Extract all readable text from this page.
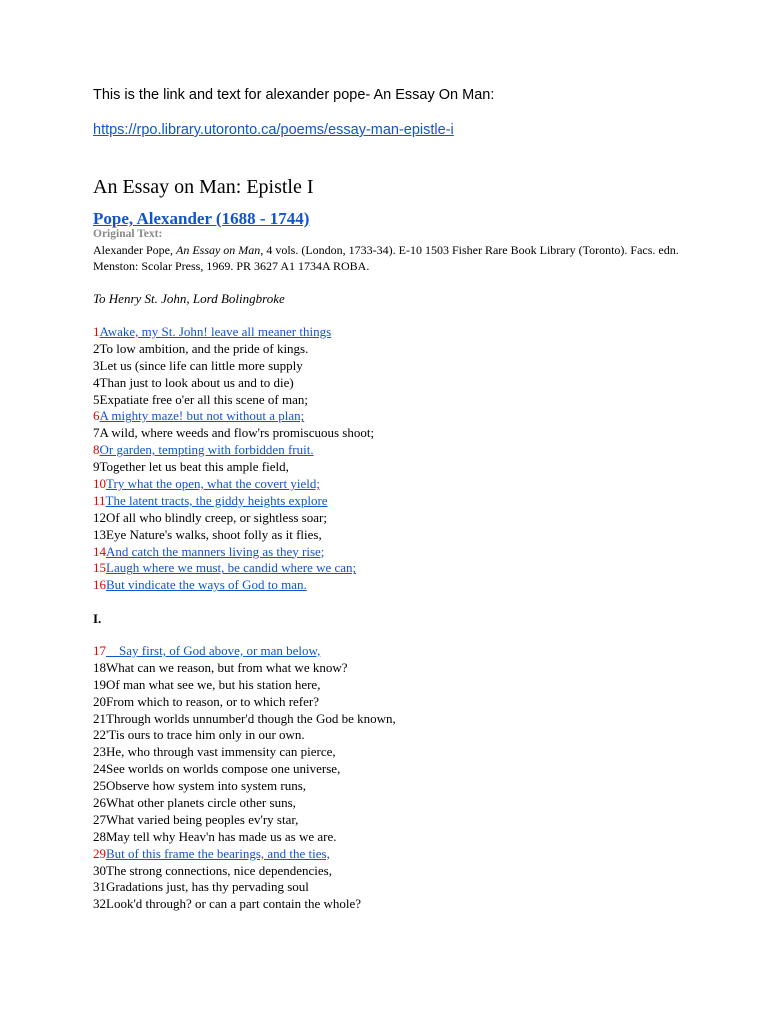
This is the link and text for alexander pope- An Essay On Man:
https://rpo.library.utoronto.ca/poems/essay-man-epistle-i
An Essay on Man: Epistle I
Pope, Alexander (1688 - 1744)
Original Text:
Alexander Pope, An Essay on Man, 4 vols. (London, 1733-34). E-10 1503 Fisher Rare Book Library (Toronto). Facs. edn. Menston: Scolar Press, 1969. PR 3627 A1 1734A ROBA.
To Henry St. John, Lord Bolingbroke
1Awake, my St. John! leave all meaner things
2To low ambition, and the pride of kings.
3Let us (since life can little more supply
4Than just to look about us and to die)
5Expatiate free o'er all this scene of man;
6A mighty maze! but not without a plan;
7A wild, where weeds and flow'rs promiscuous shoot;
8Or garden, tempting with forbidden fruit.
9Together let us beat this ample field,
10Try what the open, what the covert yield;
11The latent tracts, the giddy heights explore
12Of all who blindly creep, or sightless soar;
13Eye Nature's walks, shoot folly as it flies,
14And catch the manners living as they rise;
15Laugh where we must, be candid where we can;
16But vindicate the ways of God to man.
I.
17    Say first, of God above, or man below,
18What can we reason, but from what we know?
19Of man what see we, but his station here,
20From which to reason, or to which refer?
21Through worlds unnumber'd though the God be known,
22'Tis ours to trace him only in our own.
23He, who through vast immensity can pierce,
24See worlds on worlds compose one universe,
25Observe how system into system runs,
26What other planets circle other suns,
27What varied being peoples ev'ry star,
28May tell why Heav'n has made us as we are.
29But of this frame the bearings, and the ties,
30The strong connections, nice dependencies,
31Gradations just, has thy pervading soul
32Look'd through? or can a part contain the whole?
